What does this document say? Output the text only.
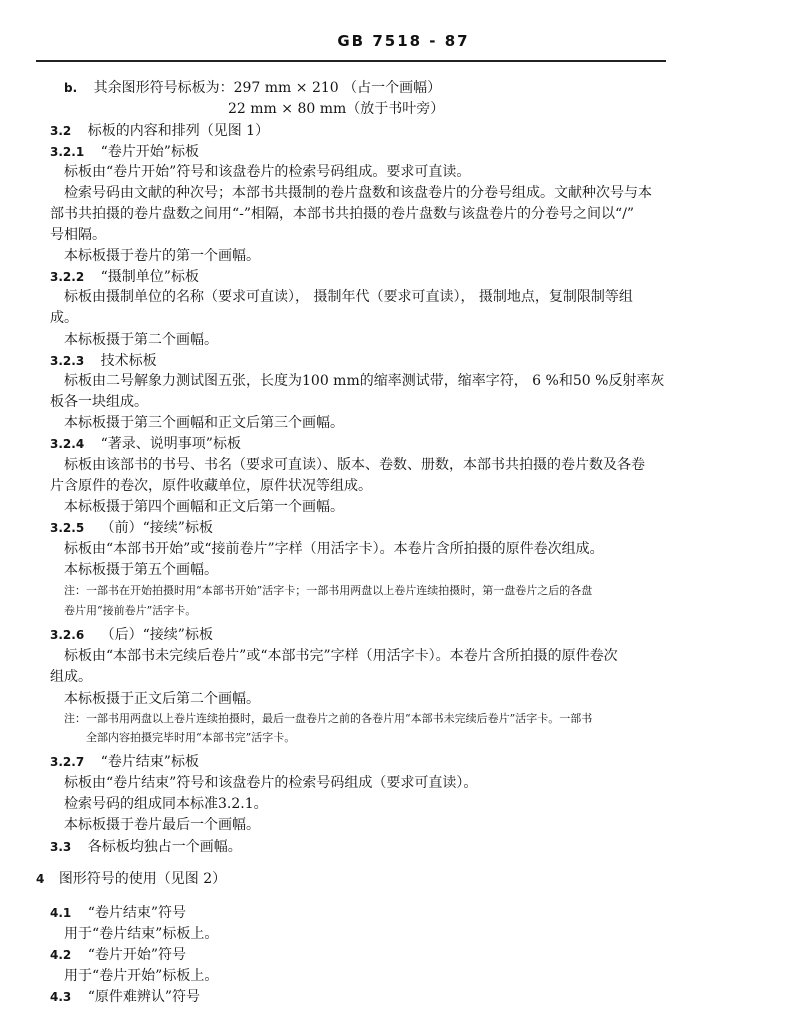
GB 7518 - 87
b. 其余图形符号标板为：297 mm × 210 （占一个画幅）
22 mm × 80 mm（放于书叶旁）
3.2 标板的内容和排列（见图 1）
3.2.1 “卷片开始”标板
标板由“卷片开始”符号和该盘卷片的检索号码组成。要求可直读。
检索号码由文献的种次号；本部书共摄制的卷片盘数和该盘卷片的分卷号组成。文献种次号与本
部书共拍摄的卷片盘数之间用“-”相隔，本部书共拍摄的卷片盘数与该盘卷片的分卷号之间以“/”
号相隔。
本标板摄于卷片的第一个画幅。
3.2.2 “摄制单位”标板
标板由摄制单位的名称（要求可直读）， 摄制年代（要求可直读）， 摄制地点，复制限制等组
成。
本标板摄于第二个画幅。
3.2.3 技术标板
标板由二号解象力测试图五张，长度为100 mm的缩率测试带，缩率字符， 6 %和50 %反射率灰
板各一块组成。
本标板摄于第三个画幅和正文后第三个画幅。
3.2.4 “著录、说明事项”标板
标板由该部书的书号、书名（要求可直读）、版本、卷数、册数，本部书共拍摄的卷片数及各卷
片含原件的卷次，原件收藏单位，原件状况等组成。
本标板摄于第四个画幅和正文后第一个画幅。
3.2.5 （前）“接续”标板
标板由“本部书开始”或“接前卷片”字样（用活字卡）。本卷片含所拍摄的原件卷次组成。
本标板摄于第五个画幅。
注：一部书在开始拍摄时用“本部书开始”活字卡；一部书用两盘以上卷片连续拍摄时，第一盘卷片之后的各盘
卷片用“接前卷片”活字卡。
3.2.6 （后）“接续”标板
标板由“本部书未完续后卷片”或“本部书完”字样（用活字卡）。本卷片含所拍摄的原件卷次
组成。
本标板摄于正文后第二个画幅。
注：一部书用两盘以上卷片连续拍摄时，最后一盘卷片之前的各卷片用“本部书未完续后卷片”活字卡。一部书
全部内容拍摄完毕时用“本部书完”活字卡。
3.2.7 “卷片结束”标板
标板由“卷片结束”符号和该盘卷片的检索号码组成（要求可直读）。
检索号码的组成同本标准3.2.1。
本标板摄于卷片最后一个画幅。
3.3 各标板均独占一个画幅。
4 图形符号的使用（见图 2）
4.1 “卷片结束”符号
用于“卷片结束”标板上。
4.2 “卷片开始”符号
用于“卷片开始”标板上。
4.3 “原件难辨认”符号
